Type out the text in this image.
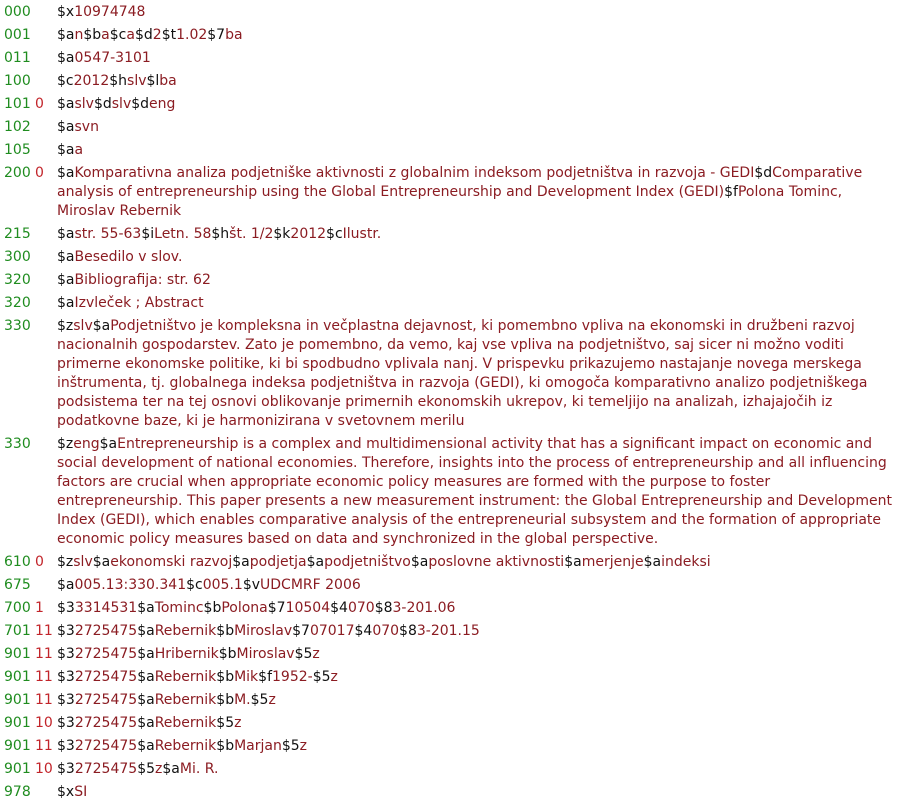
000	$x10974748
001	$an$ba$ca$d2$t1.02$7ba
011	$a0547-3101
100	$c2012$hslv$lba
101 0 $aslv$dslv$deng
102	$asvn
105	$aa
200 0 $aKomparativna analiza podjetniške aktivnosti z globalnim indeksom podjetništva in razvoja - GEDI$dComparative analysis of entrepreneurship using the Global Entrepreneurship and Development Index (GEDI)$fPolona Tominc, Miroslav Rebernik
215	$astr. 55-63$iLetn. 58$hšt. 1/2$k2012$cIlustr.
300	$aBesedilo v slov.
320	$aBibliografija: str. 62
320	$aIzvleček ; Abstract
330	$zslv$aPodjetništvo je kompleksna in večplastna dejavnost, ki pomembno vpliva na ekonomski in družbeni razvoj nacionalnih gospodarstev. Zato je pomembno, da vemo, kaj vse vpliva na podjetništvo, saj sicer ni možno voditi primerne ekonomske politike, ki bi spodbudno vplivala nanj. V prispevku prikazujemo nastajanje novega merskega inštrumenta, tj. globalnega indeksa podjetništva in razvoja (GEDI), ki omogoča komparativno analizo podjetniškega podsistema ter na tej osnovi oblikovanje primernih ekonomskih ukrepov, ki temeljijo na analizah, izhajajočih iz podatkovne baze, ki je harmonizirana v svetovnem merilu
330	$zeng$aEntrepreneurship is a complex and multidimensional activity that has a significant impact on economic and social development of national economies. Therefore, insights into the process of entrepreneurship and all influencing factors are crucial when appropriate economic policy measures are formed with the purpose to foster entrepreneurship. This paper presents a new measurement instrument: the Global Entrepreneurship and Development Index (GEDI), which enables comparative analysis of the entrepreneurial subsystem and the formation of appropriate economic policy measures based on data and synchronized in the global perspective.
610 0 $zslv$aekonomski razvoj$apodjetja$apodjetništvo$aposlovne aktivnosti$amerjenje$aindeksi
675	$a005.13:330.341$c005.1$vUDCMRF 2006
700 1 $33314531$aTominc$bPolona$710504$4070$83-201.06
701 11 $32725475$aRebernik$bMiroslav$707017$4070$83-201.15
901 11 $32725475$aHribernik$bMiroslav$5z
901 11 $32725475$aRebernik$bMik$f1952-$5z
901 11 $32725475$aRebernik$bM.$5z
901 10 $32725475$aRebernik$5z
901 11 $32725475$aRebernik$bMarjan$5z
901 10 $32725475$5z$aMi. R.
978	$xSI
